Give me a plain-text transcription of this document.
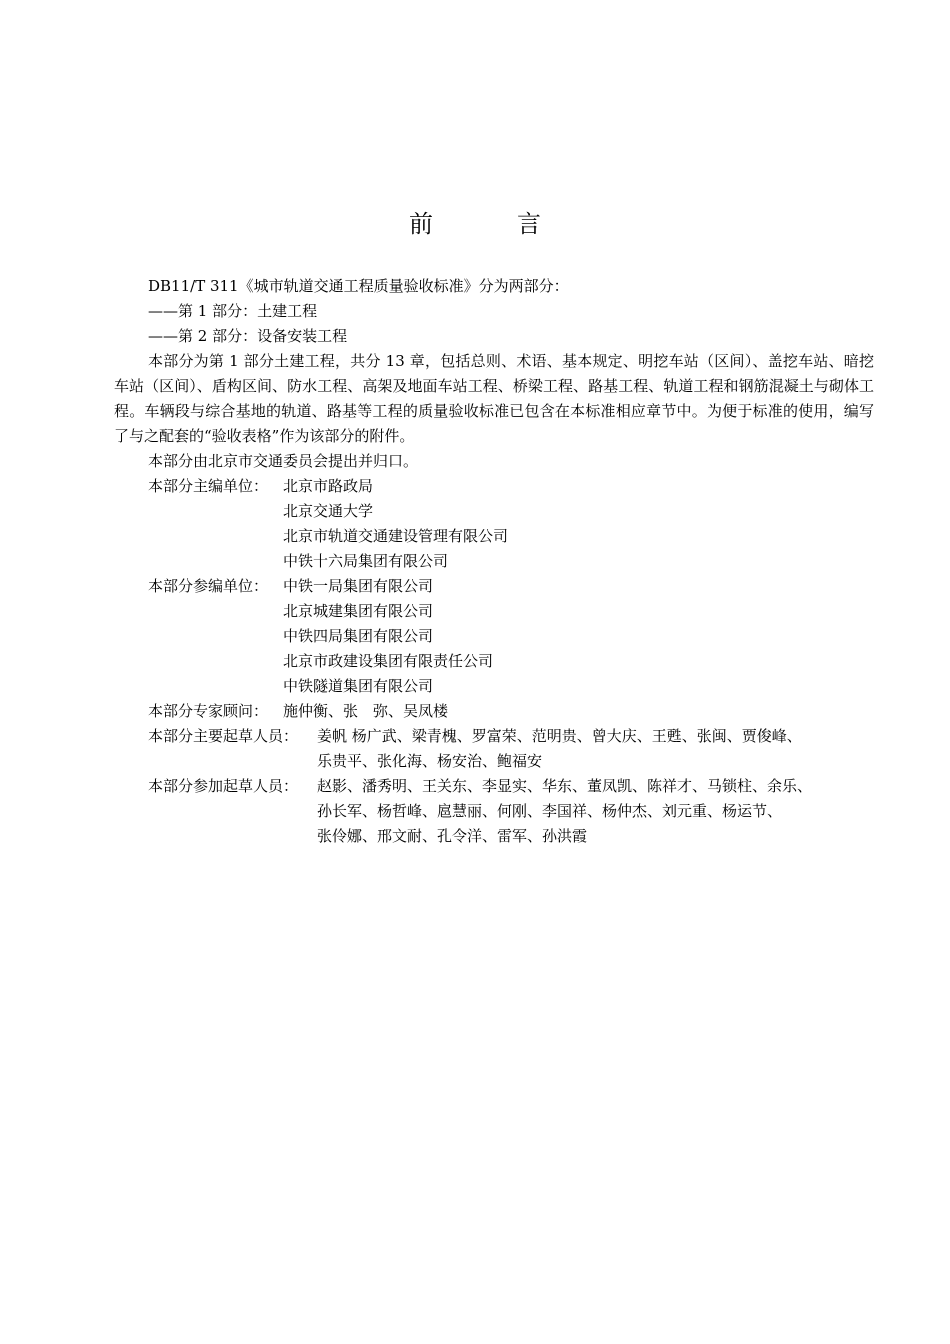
前　言
DB11/T 311《城市轨道交通工程质量验收标准》分为两部分：
——第 1 部分：土建工程
——第 2 部分：设备安装工程
本部分为第 1 部分土建工程，共分 13 章，包括总则、术语、基本规定、明挖车站（区间）、盖挖车站、暗挖车站（区间）、盾构区间、防水工程、高架及地面车站工程、桥梁工程、路基工程、轨道工程和钢筋混凝土与砌体工程。车辆段与综合基地的轨道、路基等工程的质量验收标准已包含在本标准相应章节中。为便于标准的使用，编写了与之配套的“验收表格”作为该部分的附件。
本部分由北京市交通委员会提出并归口。
本部分主编单位： 北京市路政局
北京交通大学
北京市轨道交通建设管理有限公司
中铁十六局集团有限公司
本部分参编单位： 中铁一局集团有限公司
北京城建集团有限公司
中铁四局集团有限公司
北京市政建设集团有限责任公司
中铁隧道集团有限公司
本部分专家顾问： 施仲衡、张　弥、吴凤楼
本部分主要起草人员：	姜帆 杨广武、梁青槐、罗富荣、范明贵、曾大庆、王甦、张闽、贾俊峰、
乐贵平、张化海、杨安治、鲍福安
本部分参加起草人员：	赵影、潘秀明、王关东、李显实、华东、董凤凯、陈祥才、马锁柱、余乐、
孙长军、杨哲峰、扈慧丽、何刚、李国祥、杨仲杰、刘元重、杨运节、
张伶娜、邢文耐、孔令洋、雷军、孙洪霞
